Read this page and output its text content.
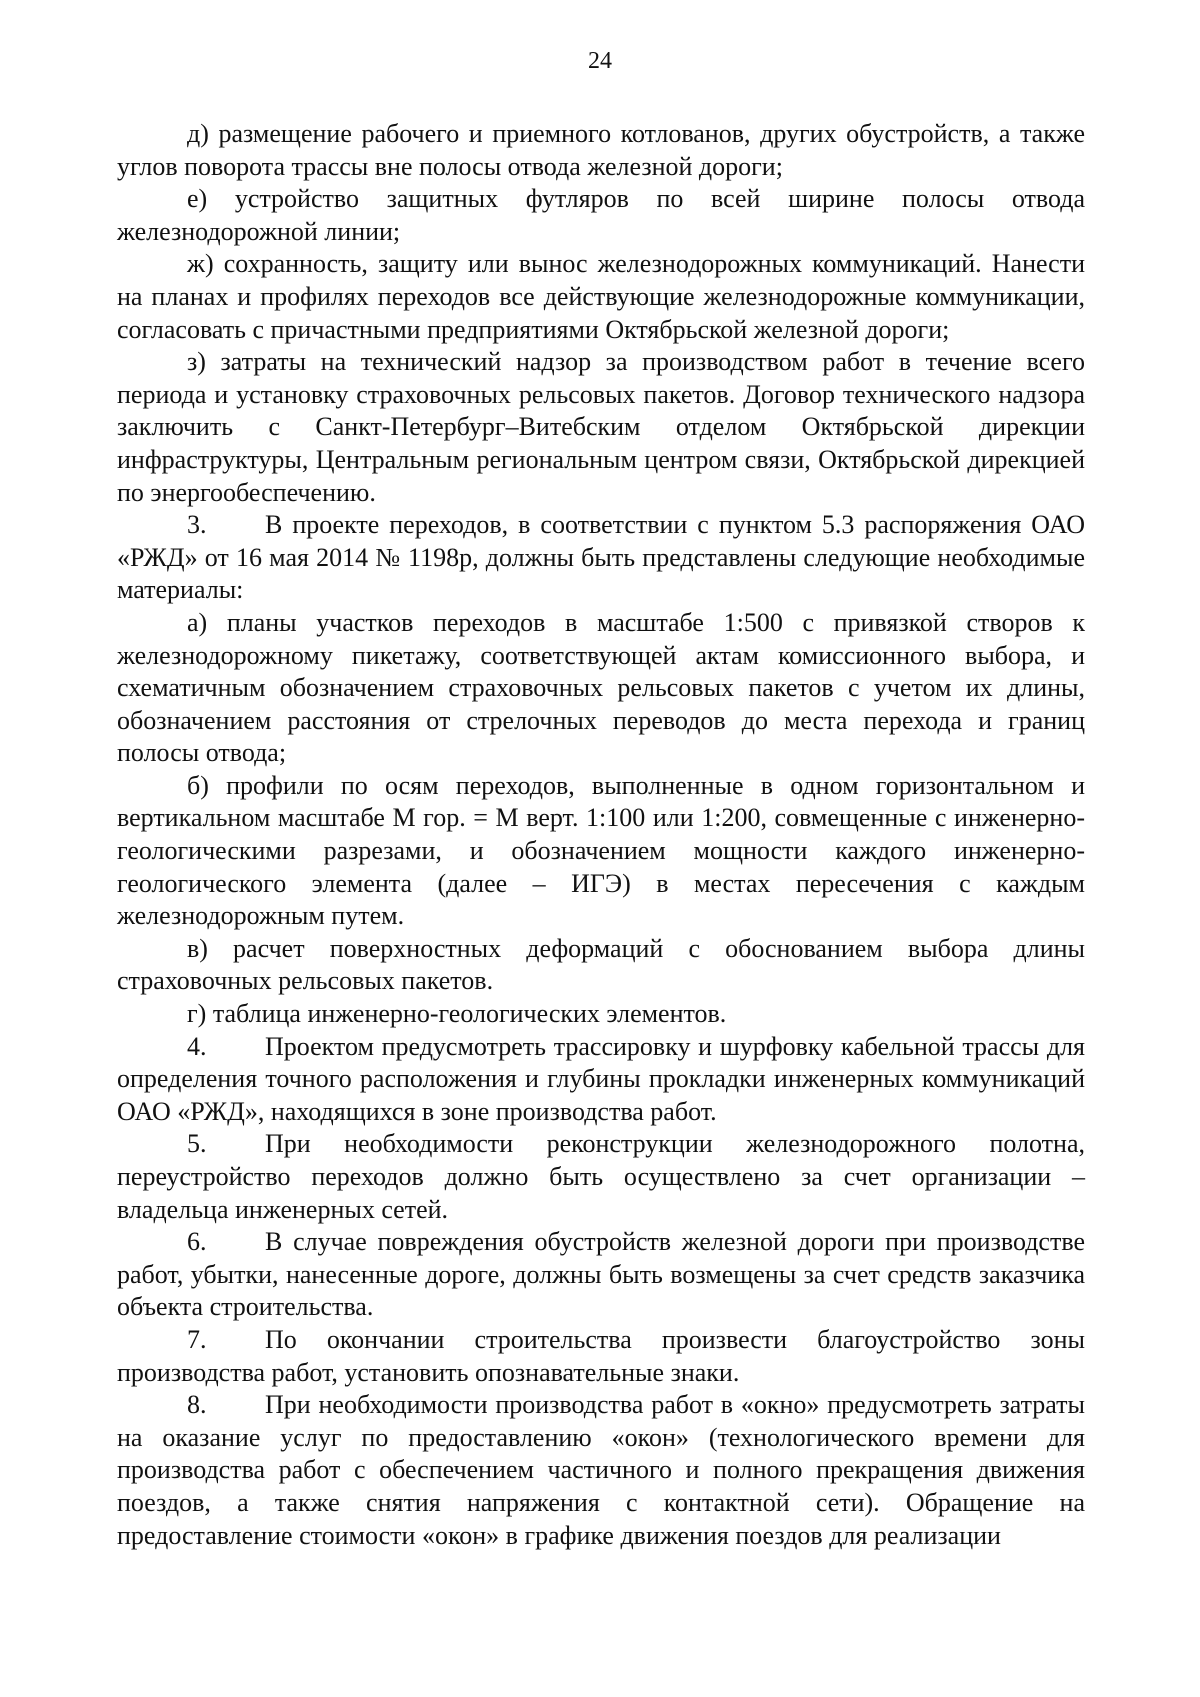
24

д) размещение рабочего и приемного котлованов, других обустройств, а также углов поворота трассы вне полосы отвода железной дороги;

е) устройство защитных футляров по всей ширине полосы отвода железнодорожной линии;

ж) сохранность, защиту или вынос железнодорожных коммуникаций. Нанести на планах и профилях переходов все действующие железнодорожные коммуникации, согласовать с причастными предприятиями Октябрьской железной дороги;

з) затраты на технический надзор за производством работ в течение всего периода и установку страховочных рельсовых пакетов. Договор технического надзора заключить с Санкт-Петербург–Витебским отделом Октябрьской дирекции инфраструктуры, Центральным региональным центром связи, Октябрьской дирекцией по энергообеспечению.

3. В проекте переходов, в соответствии с пунктом 5.3 распоряжения ОАО «РЖД» от 16 мая 2014 № 1198р, должны быть представлены следующие необходимые материалы:

а) планы участков переходов в масштабе 1:500 с привязкой створов к железнодорожному пикетажу, соответствующей актам комиссионного выбора, и схематичным обозначением страховочных рельсовых пакетов с учетом их длины, обозначением расстояния от стрелочных переводов до места перехода и границ полосы отвода;

б) профили по осям переходов, выполненные в одном горизонтальном и вертикальном масштабе М гор. = М верт. 1:100 или 1:200, совмещенные с инженерно-геологическими разрезами, и обозначением мощности каждого инженерно-геологического элемента (далее – ИГЭ) в местах пересечения с каждым железнодорожным путем.

в) расчет поверхностных деформаций с обоснованием выбора длины страховочных рельсовых пакетов.

г) таблица инженерно-геологических элементов.

4. Проектом предусмотреть трассировку и шурфовку кабельной трассы для определения точного расположения и глубины прокладки инженерных коммуникаций ОАО «РЖД», находящихся в зоне производства работ.

5. При необходимости реконструкции железнодорожного полотна, переустройство переходов должно быть осуществлено за счет организации – владельца инженерных сетей.

6. В случае повреждения обустройств железной дороги при производстве работ, убытки, нанесенные дороге, должны быть возмещены за счет средств заказчика объекта строительства.

7. По окончании строительства произвести благоустройство зоны производства работ, установить опознавательные знаки.

8. При необходимости производства работ в «окно» предусмотреть затраты на оказание услуг по предоставлению «окон» (технологического времени для производства работ с обеспечением частичного и полного прекращения движения поездов, а также снятия напряжения с контактной сети). Обращение на предоставление стоимости «окон» в графике движения поездов для реализации
